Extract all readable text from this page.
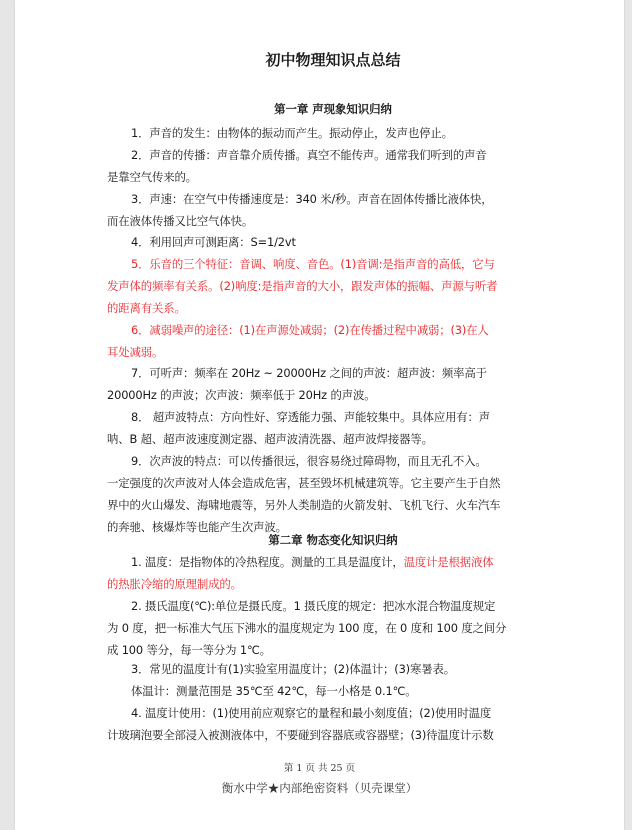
初中物理知识点总结
第一章 声现象知识归纳
1．声音的发生：由物体的振动而产生。振动停止，发声也停止。
2．声音的传播：声音靠介质传播。真空不能传声。通常我们听到的声音
是靠空气传来的。
3．声速：在空气中传播速度是：340 米/秒。声音在固体传播比液体快，
而在液体传播又比空气体快。
4．利用回声可测距离：S=1/2vt
5．乐音的三个特征：音调、响度、音色。(1)音调:是指声音的高低，它与
发声体的频率有关系。(2)响度:是指声音的大小，跟发声体的振幅、声源与听者
的距离有关系。
6．减弱噪声的途径：(1)在声源处减弱；(2)在传播过程中减弱；(3)在人
耳处减弱。
7．可听声：频率在 20Hz ~ 20000Hz 之间的声波：超声波：频率高于
20000Hz 的声波；次声波：频率低于 20Hz 的声波。
8． 超声波特点：方向性好、穿透能力强、声能较集中。具体应用有：声
呐、B 超、超声波速度测定器、超声波清洗器、超声波焊接器等。
9．次声波的特点：可以传播很远，很容易绕过障碍物，而且无孔不入。
一定强度的次声波对人体会造成危害，甚至毁坏机械建筑等。它主要产生于自然
界中的火山爆发、海啸地震等，另外人类制造的火箭发射、飞机飞行、火车汽车
的奔驰、核爆炸等也能产生次声波。
第二章 物态变化知识归纳
1. 温度：是指物体的冷热程度。测量的工具是温度计，温度计是根据液体
的热胀冷缩的原理制成的。
2. 摄氏温度(℃):单位是摄氏度。1 摄氏度的规定：把冰水混合物温度规定
为 0 度，把一标准大气压下沸水的温度规定为 100 度，在 0 度和 100 度之间分
成 100 等分，每一等分为 1℃。
3．常见的温度计有(1)实验室用温度计；(2)体温计；(3)寒暑表。
体温计：测量范围是 35℃至 42℃，每一小格是 0.1℃。
4. 温度计使用：(1)使用前应观察它的量程和最小刻度值；(2)使用时温度
计玻璃泡要全部浸入被测液体中，不要碰到容器底或容器壁；(3)待温度计示数
第 1 页 共 25 页
衡水中学★内部绝密资料（贝壳课堂）
